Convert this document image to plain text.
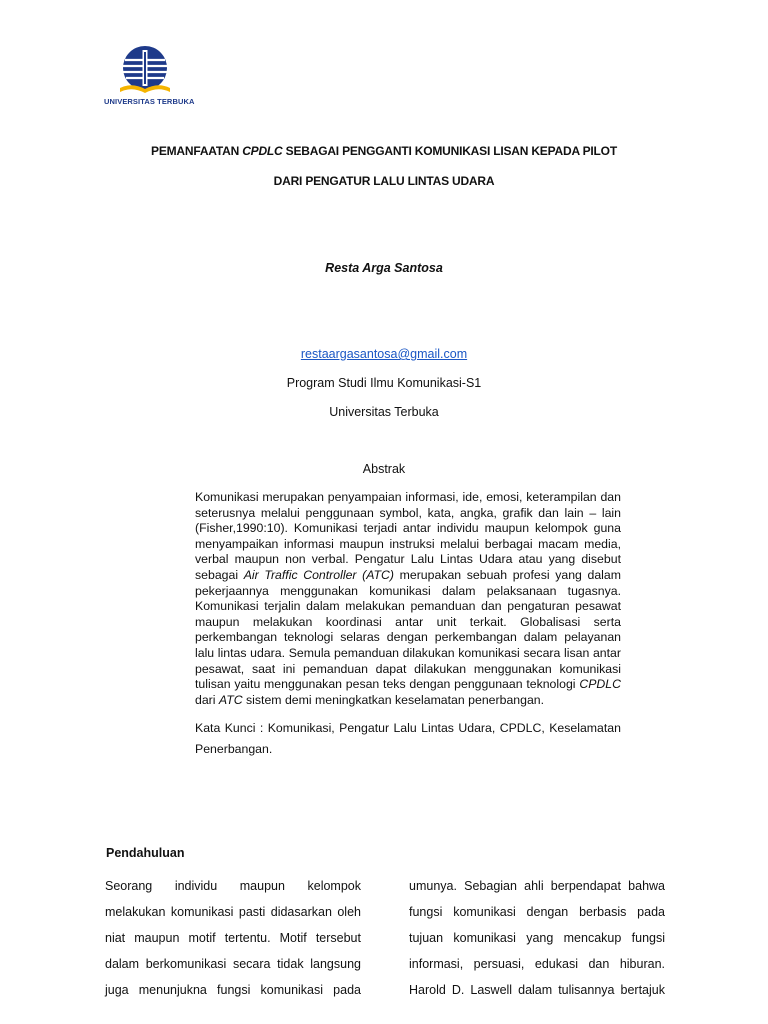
UNIVERSITAS TERBUKA
PEMANFAATAN CPDLC SEBAGAI PENGGANTI KOMUNIKASI LISAN KEPADA PILOT
DARI PENGATUR LALU LINTAS UDARA
Resta Arga Santosa
restaargasantosa@gmail.com
Program Studi Ilmu Komunikasi-S1
Universitas Terbuka
Abstrak

Komunikasi merupakan penyampaian informasi, ide, emosi, keterampilan dan seterusnya melalui penggunaan symbol, kata, angka, grafik dan lain – lain (Fisher,1990:10). Komunikasi terjadi antar individu maupun kelompok guna menyampaikan informasi maupun instruksi melalui berbagai macam media, verbal maupun non verbal. Pengatur Lalu Lintas Udara atau yang disebut sebagai Air Traffic Controller (ATC) merupakan sebuah profesi yang dalam pekerjaannya menggunakan komunikasi dalam pelaksanaan tugasnya. Komunikasi terjalin dalam melakukan pemanduan dan pengaturan pesawat maupun melakukan koordinasi antar unit terkait. Globalisasi serta perkembangan teknologi selaras dengan perkembangan dalam pelayanan lalu lintas udara. Semula pemanduan dilakukan komunikasi secara lisan antar pesawat, saat ini pemanduan dapat dilakukan menggunakan komunikasi tulisan yaitu menggunakan pesan teks dengan penggunaan teknologi CPDLC dari ATC sistem demi meningkatkan keselamatan penerbangan.

Kata Kunci : Komunikasi, Pengatur Lalu Lintas Udara, CPDLC, Keselamatan Penerbangan.

Pendahuluan
Seorang individu maupun kelompok
melakukan komunikasi pasti didasarkan oleh
niat maupun motif tertentu. Motif tersebut
dalam berkomunikasi secara tidak langsung
juga menunjukna fungsi komunikasi pada
umunya. Sebagian ahli berpendapat bahwa
fungsi komunikasi dengan berbasis pada
tujuan komunikasi yang mencakup fungsi
informasi, persuasi, edukasi dan hiburan.
Harold D. Laswell dalam tulisannya bertajuk
